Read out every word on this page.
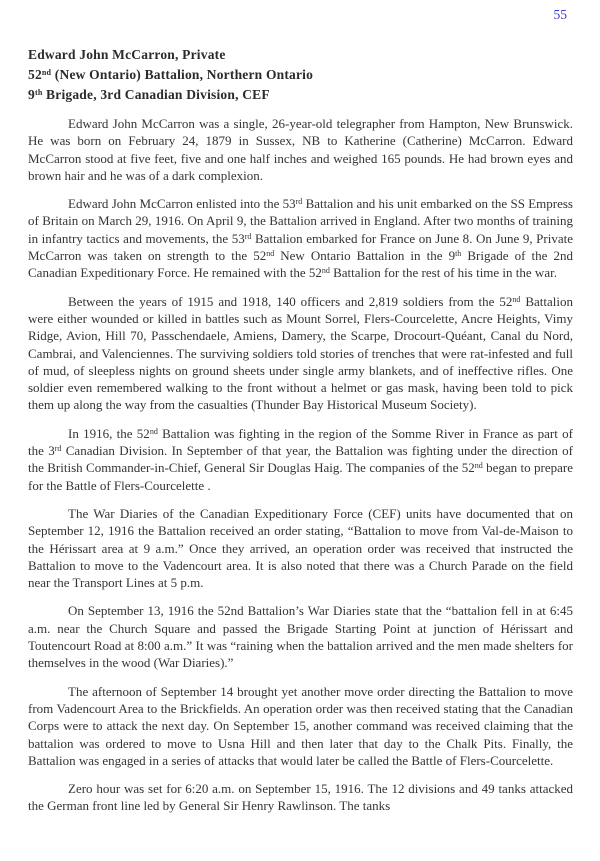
55
Edward John McCarron, Private
52nd (New Ontario) Battalion, Northern Ontario
9th Brigade, 3rd Canadian Division, CEF

Edward John McCarron was a single, 26-year-old telegrapher from Hampton, New Brunswick. He was born on February 24, 1879 in Sussex, NB to Katherine (Catherine) McCarron. Edward McCarron stood at five feet, five and one half inches and weighed 165 pounds. He had brown eyes and brown hair and he was of a dark complexion.

Edward John McCarron enlisted into the 53rd Battalion and his unit embarked on the SS Empress of Britain on March 29, 1916. On April 9, the Battalion arrived in England. After two months of training in infantry tactics and movements, the 53rd Battalion embarked for France on June 8. On June 9, Private McCarron was taken on strength to the 52nd New Ontario Battalion in the 9th Brigade of the 2nd Canadian Expeditionary Force. He remained with the 52nd Battalion for the rest of his time in the war.

Between the years of 1915 and 1918, 140 officers and 2,819 soldiers from the 52nd Battalion were either wounded or killed in battles such as Mount Sorrel, Flers-Courcelette, Ancre Heights, Vimy Ridge, Avion, Hill 70, Passchendaele, Amiens, Damery, the Scarpe, Drocourt-Quéant, Canal du Nord, Cambrai, and Valenciennes. The surviving soldiers told stories of trenches that were rat-infested and full of mud, of sleepless nights on ground sheets under single army blankets, and of ineffective rifles. One soldier even remembered walking to the front without a helmet or gas mask, having been told to pick them up along the way from the casualties (Thunder Bay Historical Museum Society).

In 1916, the 52nd Battalion was fighting in the region of the Somme River in France as part of the 3rd Canadian Division. In September of that year, the Battalion was fighting under the direction of the British Commander-in-Chief, General Sir Douglas Haig. The companies of the 52nd began to prepare for the Battle of Flers-Courcelette .

The War Diaries of the Canadian Expeditionary Force (CEF) units have documented that on September 12, 1916 the Battalion received an order stating, “Battalion to move from Val-de-Maison to the Hérissart area at 9 a.m.” Once they arrived, an operation order was received that instructed the Battalion to move to the Vadencourt area. It is also noted that there was a Church Parade on the field near the Transport Lines at 5 p.m.

On September 13, 1916 the 52nd Battalion’s War Diaries state that the “battalion fell in at 6:45 a.m. near the Church Square and passed the Brigade Starting Point at junction of Hérissart and Toutencourt Road at 8:00 a.m.” It was “raining when the battalion arrived and the men made shelters for themselves in the wood (War Diaries).”

The afternoon of September 14 brought yet another move order directing the Battalion to move from Vadencourt Area to the Brickfields. An operation order was then received stating that the Canadian Corps were to attack the next day. On September 15, another command was received claiming that the battalion was ordered to move to Usna Hill and then later that day to the Chalk Pits. Finally, the Battalion was engaged in a series of attacks that would later be called the Battle of Flers-Courcelette.

Zero hour was set for 6:20 a.m. on September 15, 1916. The 12 divisions and 49 tanks attacked the German front line led by General Sir Henry Rawlinson. The tanks
